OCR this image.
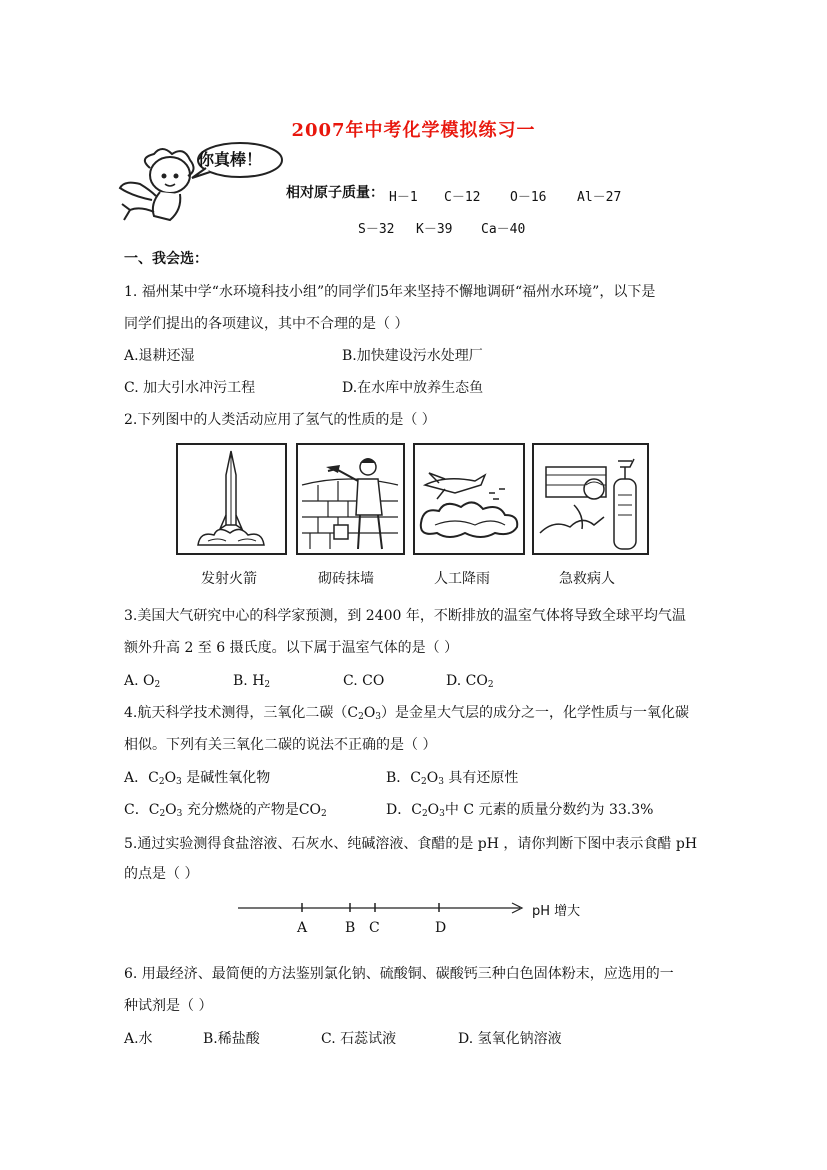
2007年中考化学模拟练习一
你真棒！
相对原子质量： H－1 C－12 O－16 Al－27
S－32 K－39 Ca－40
一、我会选：
1. 福州某中学“水环境科技小组”的同学们5年来坚持不懈地调研“福州水环境”，以下是
同学们提出的各项建议，其中不合理的是（ ）
A.退耕还湿	B.加快建设污水处理厂
C. 加大引水冲污工程	D.在水库中放养生态鱼
2.下列图中的人类活动应用了氢气的性质的是（ ）
发射火箭	砌砖抹墙	人工降雨	急救病人
3.美国大气研究中心的科学家预测，到 2400 年，不断排放的温室气体将导致全球平均气温
额外升高 2 至 6 摄氏度。以下属于温室气体的是（ ）
A. $O_2$	B. $H_2$	C. CO	D. $CO_2$
4.航天科学技术测得，三氧化二碳$(C_2O_3)$是金星大气层的成分之一，化学性质与一氧化碳
相似。下列有关三氧化二碳的说法不正确的是（ ）
A．$C_2O_3$ 是碱性氧化物	B．$C_2O_3$ 具有还原性
C．$C_2O_3$ 充分燃烧的产物是$CO_2$	D．$C_2O_3$中 C 元素的质量分数约为 33.3%
5.通过实验测得食盐溶液、石灰水、纯碱溶液、食醋的是 pH ，请你判断下图中表示食醋 pH
的点是（ ）
pH 增大
A	B C	D
6. 用最经济、最简便的方法鉴别氯化钠、硫酸铜、碳酸钙三种白色固体粉末，应选用的一
种试剂是（ ）
A.水	B.稀盐酸	C. 石蕊试液	D. 氢氧化钠溶液
